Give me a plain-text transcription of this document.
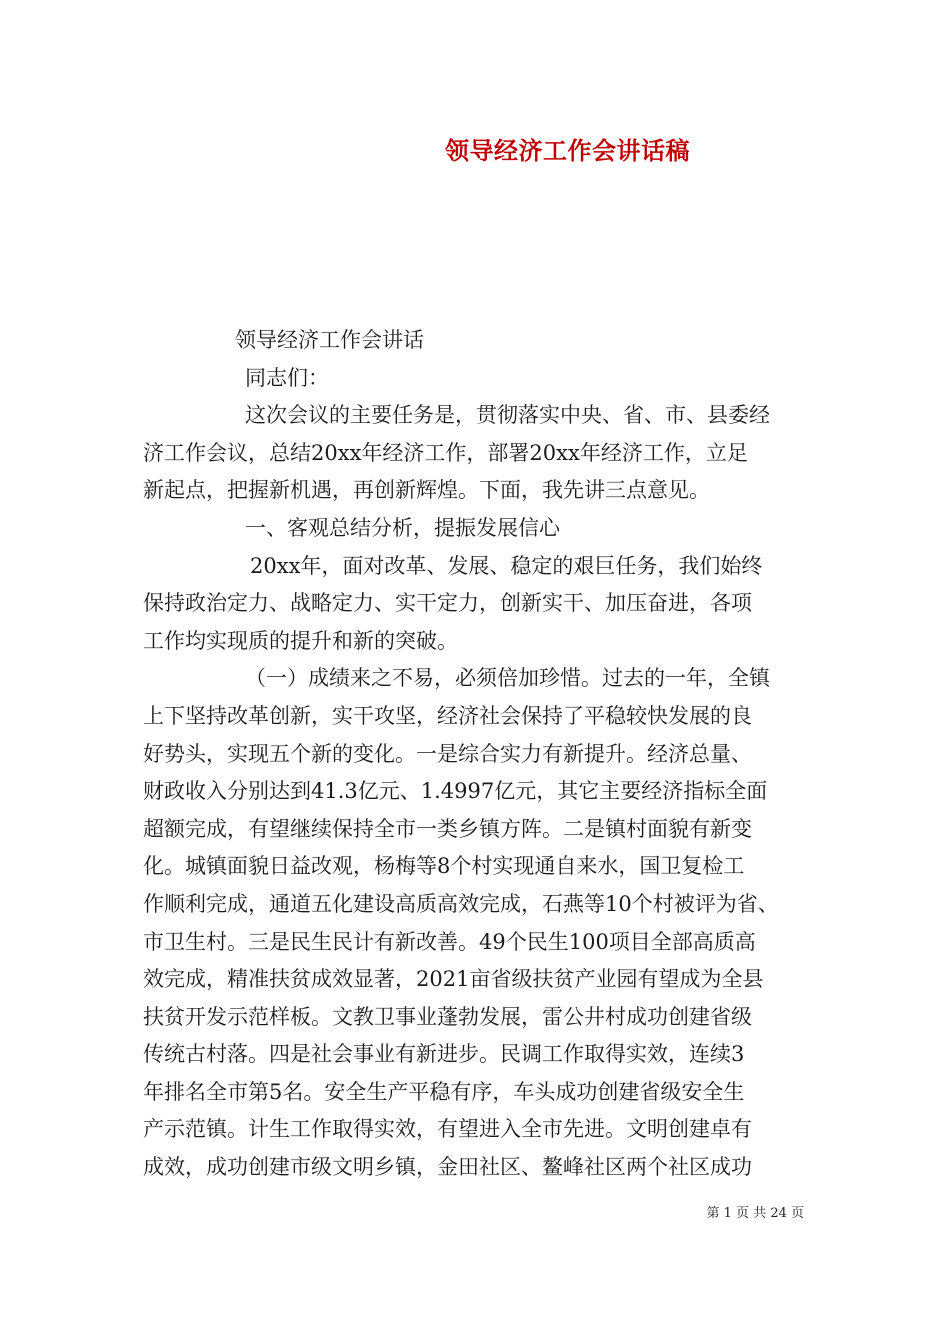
领导经济工作会讲话稿
领导经济工作会讲话
同志们：
这次会议的主要任务是，贯彻落实中央、省、市、县委经
济工作会议，总结20xx年经济工作，部署20xx年经济工作，立足
新起点，把握新机遇，再创新辉煌。下面，我先讲三点意见。
一、客观总结分析，提振发展信心
20xx年，面对改革、发展、稳定的艰巨任务，我们始终
保持政治定力、战略定力、实干定力，创新实干、加压奋进，各项
工作均实现质的提升和新的突破。
（一）成绩来之不易，必须倍加珍惜。过去的一年，全镇
上下坚持改革创新，实干攻坚，经济社会保持了平稳较快发展的良
好势头，实现五个新的变化。一是综合实力有新提升。经济总量、
财政收入分别达到41.3亿元、1.4997亿元，其它主要经济指标全面
超额完成，有望继续保持全市一类乡镇方阵。二是镇村面貌有新变
化。城镇面貌日益改观，杨梅等8个村实现通自来水，国卫复检工
作顺利完成，通道五化建设高质高效完成，石燕等10个村被评为省、
市卫生村。三是民生民计有新改善。49个民生100项目全部高质高
效完成，精准扶贫成效显著，2021亩省级扶贫产业园有望成为全县
扶贫开发示范样板。文教卫事业蓬勃发展，雷公井村成功创建省级
传统古村落。四是社会事业有新进步。民调工作取得实效，连续3
年排名全市第5名。安全生产平稳有序，车头成功创建省级安全生
产示范镇。计生工作取得实效，有望进入全市先进。文明创建卓有
成效，成功创建市级文明乡镇，金田社区、鳌峰社区两个社区成功
第 1 页 共 24 页
